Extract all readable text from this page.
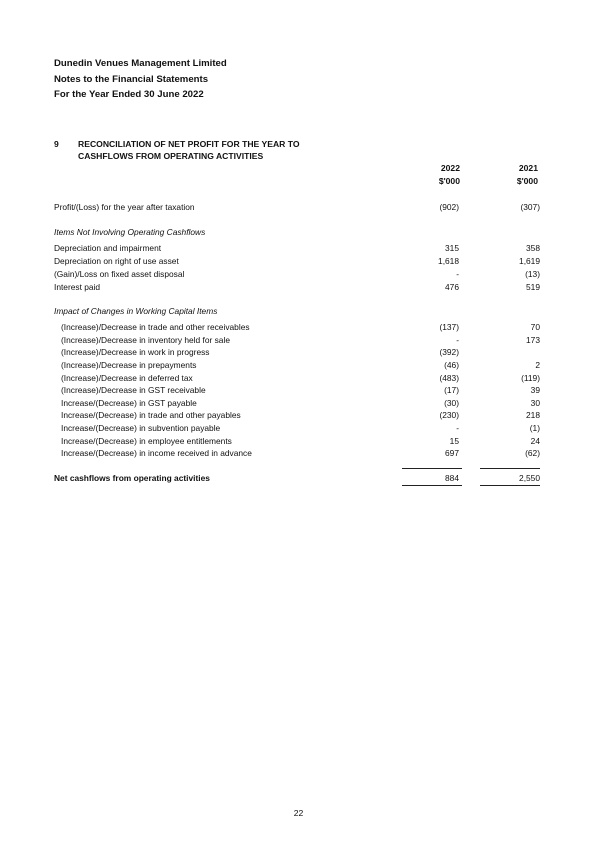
Dunedin Venues Management Limited
Notes to the Financial Statements
For the Year Ended 30 June 2022
9 RECONCILIATION OF NET PROFIT FOR THE YEAR TO
CASHFLOWS FROM OPERATING ACTIVITIES
2022
$'000
2021
$'000
Profit/(Loss) for the year after taxation	(902)	(307)
Items Not Involving Operating Cashflows
Depreciation and impairment	315	358
Depreciation on right of use asset	1,618	1,619
(Gain)/Loss on fixed asset disposal	-	(13)
Interest paid	476	519
Impact of Changes in Working Capital Items
(Increase)/Decrease in trade and other receivables	(137)	70
(Increase)/Decrease in inventory held for sale	-	173
(Increase)/Decrease in work in progress	(392)
(Increase)/Decrease in prepayments	(46)	2
(Increase)/Decrease in deferred tax	(483)	(119)
(Increase)/Decrease in GST receivable	(17)	39
Increase/(Decrease) in GST payable	(30)	30
Increase/(Decrease) in trade and other payables	(230)	218
Increase/(Decrease) in subvention payable	-	(1)
Increase/(Decrease) in employee entitlements	15	24
Increase/(Decrease) in income received in advance	697	(62)
Net cashflows from operating activities	884	2,550
22
